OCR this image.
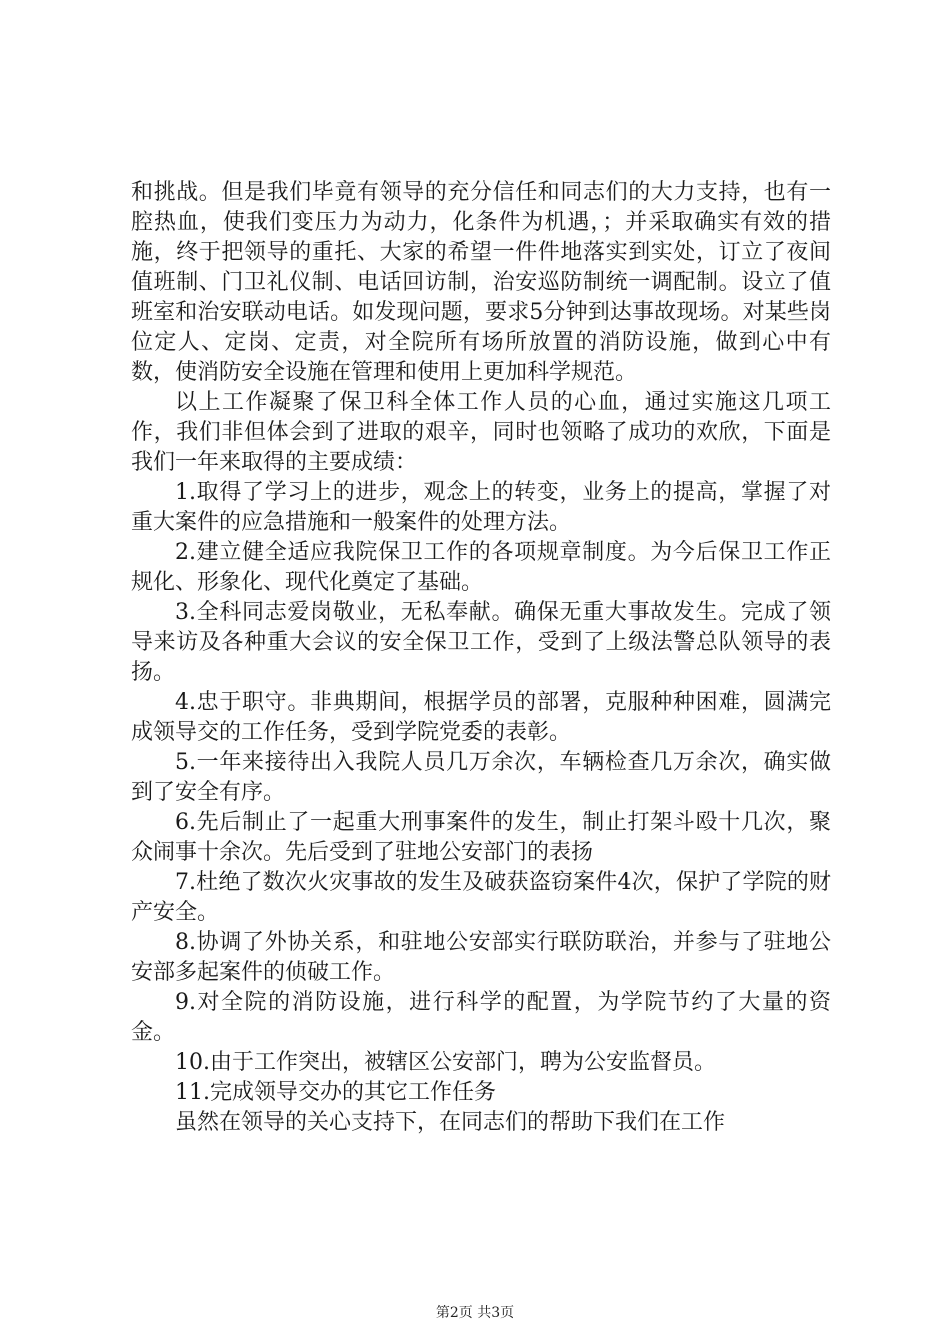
和挑战。但是我们毕竟有领导的充分信任和同志们的大力支持，也有一腔热血，使我们变压力为动力，化条件为机遇，；并采取确实有效的措施，终于把领导的重托、大家的希望一件件地落实到实处，订立了夜间值班制、门卫礼仪制、电话回访制，治安巡防制统一调配制。设立了值班室和治安联动电话。如发现问题，要求5分钟到达事故现场。对某些岗位定人、定岗、定责，对全院所有场所放置的消防设施，做到心中有数，使消防安全设施在管理和使用上更加科学规范。

以上工作凝聚了保卫科全体工作人员的心血，通过实施这几项工作，我们非但体会到了进取的艰辛，同时也领略了成功的欢欣，下面是我们一年来取得的主要成绩：

1.取得了学习上的进步，观念上的转变，业务上的提高，掌握了对重大案件的应急措施和一般案件的处理方法。

2.建立健全适应我院保卫工作的各项规章制度。为今后保卫工作正规化、形象化、现代化奠定了基础。

3.全科同志爱岗敬业，无私奉献。确保无重大事故发生。完成了领导来访及各种重大会议的安全保卫工作，受到了上级法警总队领导的表扬。

4.忠于职守。非典期间，根据学员的部署，克服种种困难，圆满完成领导交的工作任务，受到学院党委的表彰。

5.一年来接待出入我院人员几万余次，车辆检查几万余次，确实做到了安全有序。

6.先后制止了一起重大刑事案件的发生，制止打架斗殴十几次，聚众闹事十余次。先后受到了驻地公安部门的表扬

7.杜绝了数次火灾事故的发生及破获盗窃案件4次，保护了学院的财产安全。

8.协调了外协关系，和驻地公安部实行联防联治，并参与了驻地公安部多起案件的侦破工作。

9.对全院的消防设施，进行科学的配置，为学院节约了大量的资金。

10.由于工作突出，被辖区公安部门，聘为公安监督员。

11.完成领导交办的其它工作任务

虽然在领导的关心支持下，在同志们的帮助下我们在工作

第2页 共3页
